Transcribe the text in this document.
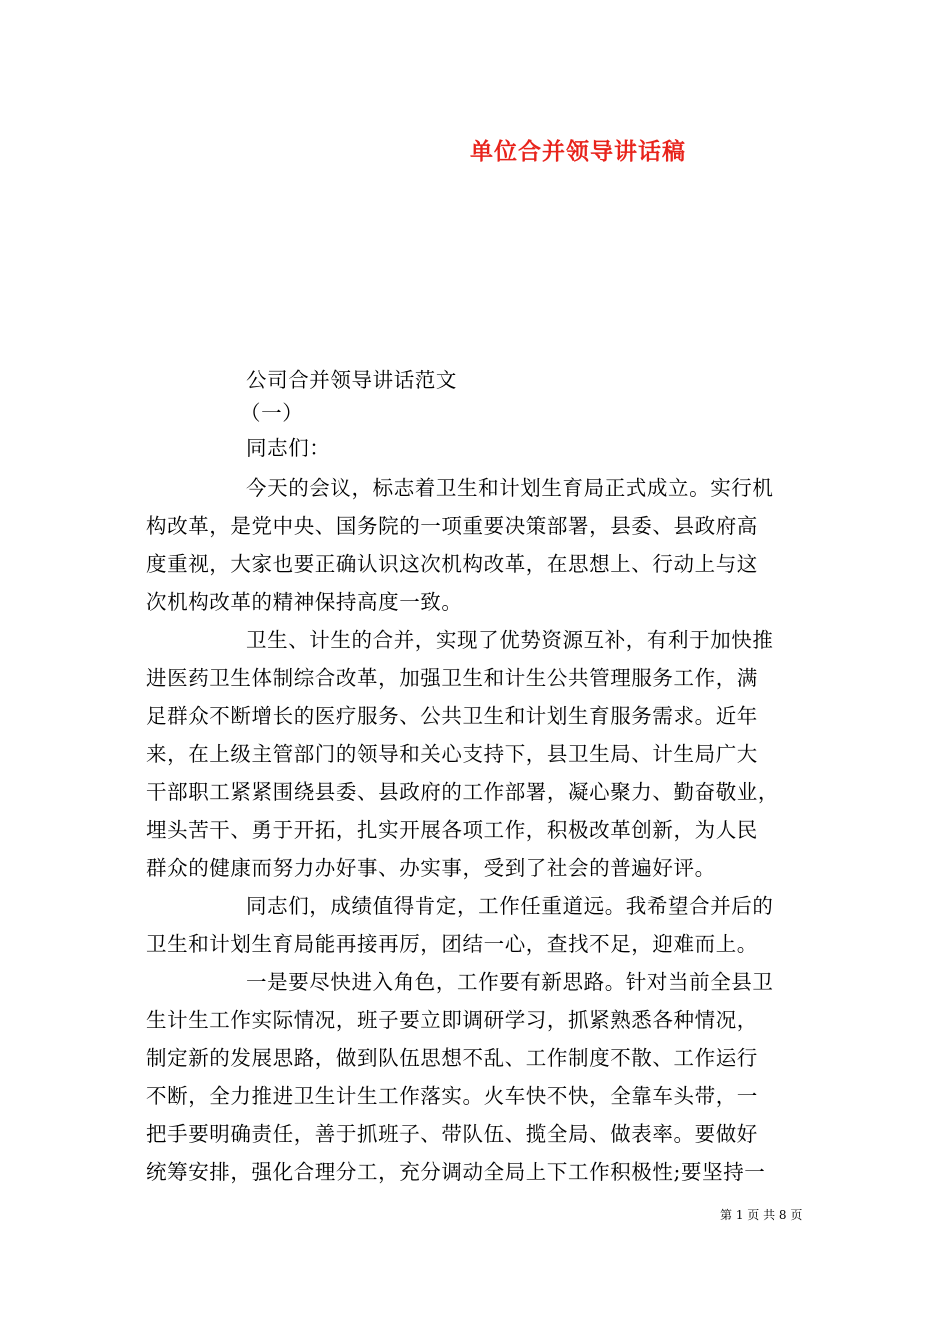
单位合并领导讲话稿
公司合并领导讲话范文
（一）
同志们：
今天的会议，标志着卫生和计划生育局正式成立。实行机
构改革，是党中央、国务院的一项重要决策部署，县委、县政府高
度重视，大家也要正确认识这次机构改革，在思想上、行动上与这
次机构改革的精神保持高度一致。
卫生、计生的合并，实现了优势资源互补，有利于加快推
进医药卫生体制综合改革，加强卫生和计生公共管理服务工作，满
足群众不断增长的医疗服务、公共卫生和计划生育服务需求。近年
来，在上级主管部门的领导和关心支持下，县卫生局、计生局广大
干部职工紧紧围绕县委、县政府的工作部署，凝心聚力、勤奋敬业，
埋头苦干、勇于开拓，扎实开展各项工作，积极改革创新，为人民
群众的健康而努力办好事、办实事，受到了社会的普遍好评。
同志们，成绩值得肯定，工作任重道远。我希望合并后的
卫生和计划生育局能再接再厉，团结一心，查找不足，迎难而上。
一是要尽快进入角色，工作要有新思路。针对当前全县卫
生计生工作实际情况，班子要立即调研学习，抓紧熟悉各种情况，
制定新的发展思路，做到队伍思想不乱、工作制度不散、工作运行
不断，全力推进卫生计生工作落实。火车快不快，全靠车头带，一
把手要明确责任，善于抓班子、带队伍、揽全局、做表率。要做好
统筹安排，强化合理分工，充分调动全局上下工作积极性;要坚持一
第 1 页 共 8 页
